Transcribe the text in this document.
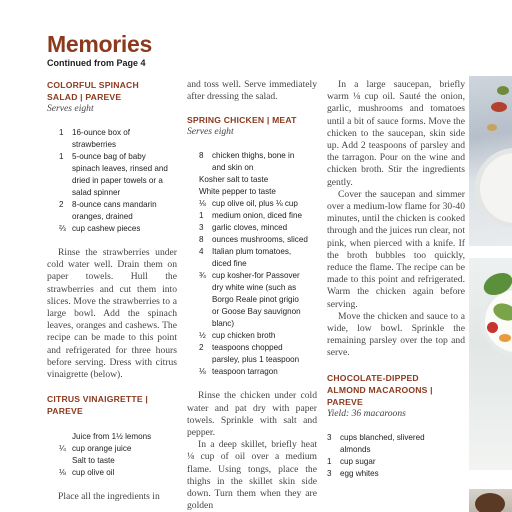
Memories
Continued from Page 4
COLORFUL SPINACH
SALAD | PAREVE
Serves eight
1	16-ounce box of
strawberries
1	5-ounce bag of baby
spinach leaves, rinsed and
dried in paper towels or a
salad spinner
2	8-ounce cans mandarin
oranges, drained
⅔ cup cashew pieces

Rinse the strawberries under cold water well. Drain them on paper towels. Hull the strawberries and cut them into slices. Move the strawberries to a large bowl. Add the spinach leaves, oranges and cashews. The recipe can be made to this point and refrigerated for three hours before serving. Dress with citrus vinaigrette (below).

CITRUS VINAIGRETTE |
PAREVE
Juice from 1½ lemons
¼ cup orange juice
Salt to taste
⅛ cup olive oil

Place all the ingredients in

and toss well. Serve immediately after dressing the salad.

SPRING CHICKEN | MEAT
Serves eight
8	chicken thighs, bone in
and skin on
Kosher salt to taste
White pepper to taste
⅛ cup olive oil, plus ⅛ cup
1	medium onion, diced fine
3	garlic cloves, minced
8	ounces mushrooms, sliced
4	Italian plum tomatoes,
diced fine
¾ cup kosher-for Passover
dry white wine (such as
Borgo Reale pinot grigio
or Goose Bay sauvignon
blanc)
½ cup chicken broth
2	teaspoons chopped
parsley, plus 1 teaspoon
⅛ teaspoon tarragon

Rinse the chicken under cold water and pat dry with paper towels. Sprinkle with salt and pepper.

In a deep skillet, briefly heat ⅛ cup of oil over a medium flame. Using tongs, place the thighs in the skillet skin side down. Turn them when they are golden

In a large saucepan, briefly warm ⅛ cup oil. Sauté the onion, garlic, mushrooms and tomatoes until a bit of sauce forms. Move the chicken to the saucepan, skin side up. Add 2 teaspoons of parsley and the tarragon. Pour on the wine and chicken broth. Stir the ingredients gently.

Cover the saucepan and simmer over a medium-low flame for 30-40 minutes, until the chicken is cooked through and the juices run clear, not pink, when pierced with a knife. If the broth bubbles too quickly, reduce the flame. The recipe can be made to this point and refrigerated. Warm the chicken again before serving.

Move the chicken and sauce to a wide, low bowl. Sprinkle the remaining parsley over the top and serve.

CHOCOLATE-DIPPED
ALMOND MACAROONS |
PAREVE
Yield: 36 macaroons
3	cups blanched, slivered
almonds
1	cup sugar
3	egg whites
